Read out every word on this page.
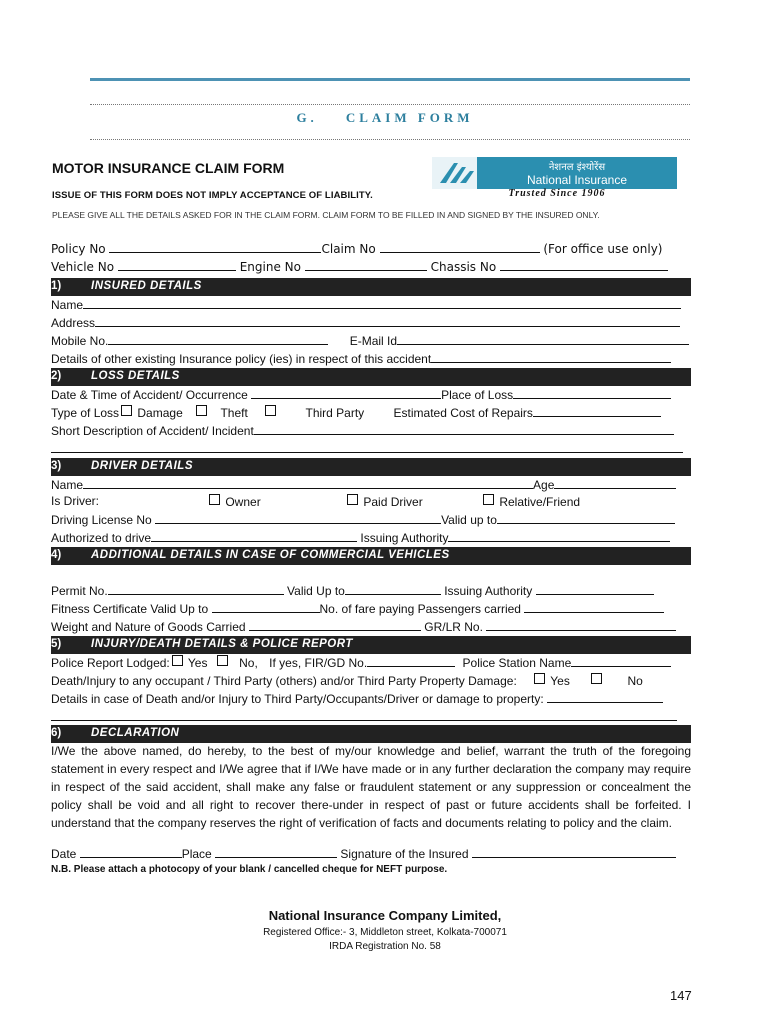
G. CLAIM FORM
MOTOR INSURANCE CLAIM FORM
ISSUE OF THIS FORM DOES NOT IMPLY ACCEPTANCE OF LIABILITY.
PLEASE GIVE ALL THE DETAILS ASKED FOR IN THE CLAIM FORM. CLAIM FORM TO BE FILLED IN AND SIGNED BY THE INSURED ONLY.
नेशनल इंश्योरेंस
National Insurance
Trusted Since 1906
Policy No	Claim No	(For office use only)
Vehicle No	Engine No	Chassis No
1)	INSURED DETAILS
Name
Address
Mobile No.	E-Mail Id
Details of other existing Insurance policy (ies) in respect of this accident
2)	LOSS DETAILS
Date & Time of Accident/ Occurrence	Place of Loss
Type of Loss Damage	Theft	Third Party Estimated Cost of Repairs
Short Description of Accident/ Incident
3)	DRIVER DETAILS
Name	Age
Is Driver:	Owner	Paid Driver	Relative/Friend
Driving License No	Valid up to
Authorized to drive	Issuing Authority
4)	ADDITIONAL DETAILS IN CASE OF COMMERCIAL VEHICLES
Permit No.	Valid Up to	Issuing Authority
Fitness Certificate Valid Up to	No. of fare paying Passengers carried
Weight and Nature of Goods Carried	GR/LR No.
5)	INJURY/DEATH DETAILS & POLICE REPORT
Police Report Lodged: Yes	No, If yes, FIR/GD No.	Police Station Name
Death/Injury to any occupant / Third Party (others) and/or Third Party Property Damage:	Yes	No
Details in case of Death and/or Injury to Third Party/Occupants/Driver or damage to property:
6)	DECLARATION
I/We the above named, do hereby, to the best of my/our knowledge and belief, warrant the truth of the foregoing statement in every respect and I/We agree that if I/We have made or in any further declaration the company may require in respect of the said accident, shall make any false or fraudulent statement or any suppression or concealment the policy shall be void and all right to recover there-under in respect of past or future accidents shall be forfeited. I understand that the company reserves the right of verification of facts and documents relating to policy and the claim.
Date	Place	Signature of the Insured
N.B. Please attach a photocopy of your blank / cancelled cheque for NEFT purpose.
National Insurance Company Limited,
Registered Office:- 3, Middleton street, Kolkata-700071
IRDA Registration No. 58
147
